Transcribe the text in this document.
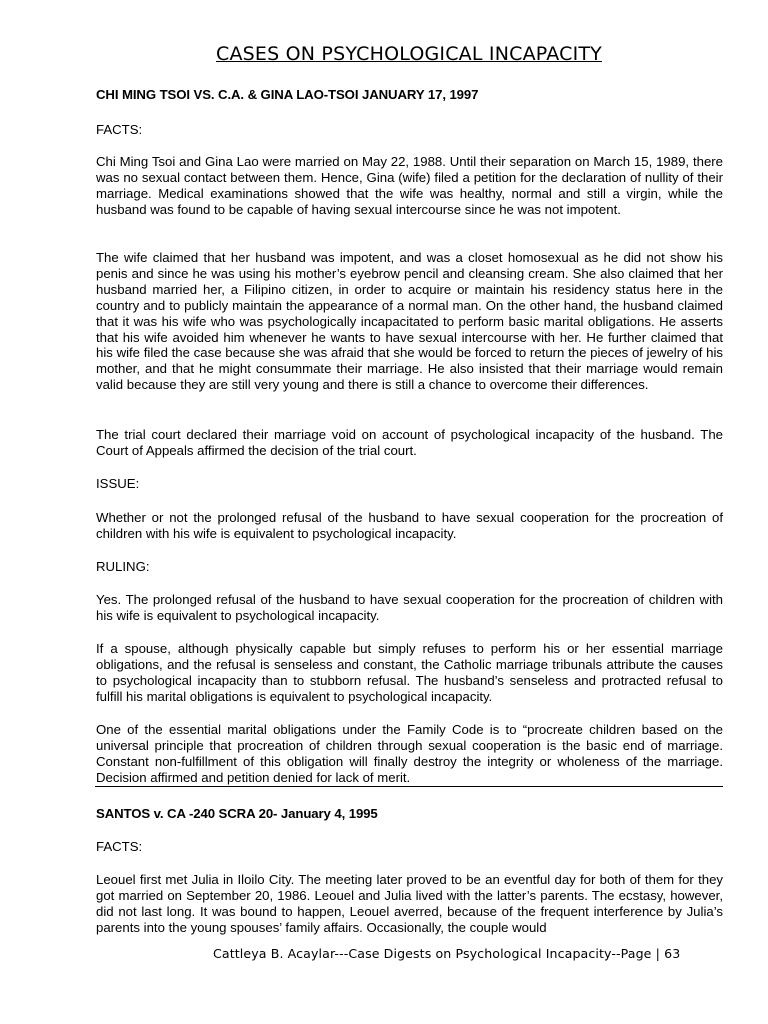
CASES ON PSYCHOLOGICAL INCAPACITY
CHI MING TSOI VS. C.A. & GINA LAO-TSOI JANUARY 17, 1997
FACTS:

Chi Ming Tsoi and Gina Lao were married on May 22, 1988. Until their separation on March 15, 1989, there was no sexual contact between them. Hence, Gina (wife) filed a petition for the declaration of nullity of their marriage. Medical examinations showed that the wife was healthy, normal and still a virgin, while the husband was found to be capable of having sexual intercourse since he was not impotent.

The wife claimed that her husband was impotent, and was a closet homosexual as he did not show his penis and since he was using his mother’s eyebrow pencil and cleansing cream. She also claimed that her husband married her, a Filipino citizen, in order to acquire or maintain his residency status here in the country and to publicly maintain the appearance of a normal man. On the other hand, the husband claimed that it was his wife who was psychologically incapacitated to perform basic marital obligations. He asserts that his wife avoided him whenever he wants to have sexual intercourse with her. He further claimed that his wife filed the case because she was afraid that she would be forced to return the pieces of jewelry of his mother, and that he might consummate their marriage. He also insisted that their marriage would remain valid because they are still very young and there is still a chance to overcome their differences.

The trial court declared their marriage void on account of psychological incapacity of the husband. The Court of Appeals affirmed the decision of the trial court.

ISSUE:

Whether or not the prolonged refusal of the husband to have sexual cooperation for the procreation of children with his wife is equivalent to psychological incapacity.

RULING:

Yes. The prolonged refusal of the husband to have sexual cooperation for the procreation of children with his wife is equivalent to psychological incapacity.

If a spouse, although physically capable but simply refuses to perform his or her essential marriage obligations, and the refusal is senseless and constant, the Catholic marriage tribunals attribute the causes to psychological incapacity than to stubborn refusal. The husband’s senseless and protracted refusal to fulfill his marital obligations is equivalent to psychological incapacity.

One of the essential marital obligations under the Family Code is to “procreate children based on the universal principle that procreation of children through sexual cooperation is the basic end of marriage. Constant non-fulfillment of this obligation will finally destroy the integrity or wholeness of the marriage. Decision affirmed and petition denied for lack of merit.

SANTOS v. CA -240 SCRA 20- January 4, 1995
FACTS:

Leouel first met Julia in Iloilo City. The meeting later proved to be an eventful day for both of them for they got married on September 20, 1986. Leouel and Julia lived with the latter’s parents. The ecstasy, however, did not last long. It was bound to happen, Leouel averred, because of the frequent interference by Julia’s parents into the young spouses’ family affairs. Occasionally, the couple would

Cattleya B. Acaylar---Case Digests on Psychological Incapacity--Page | 63
